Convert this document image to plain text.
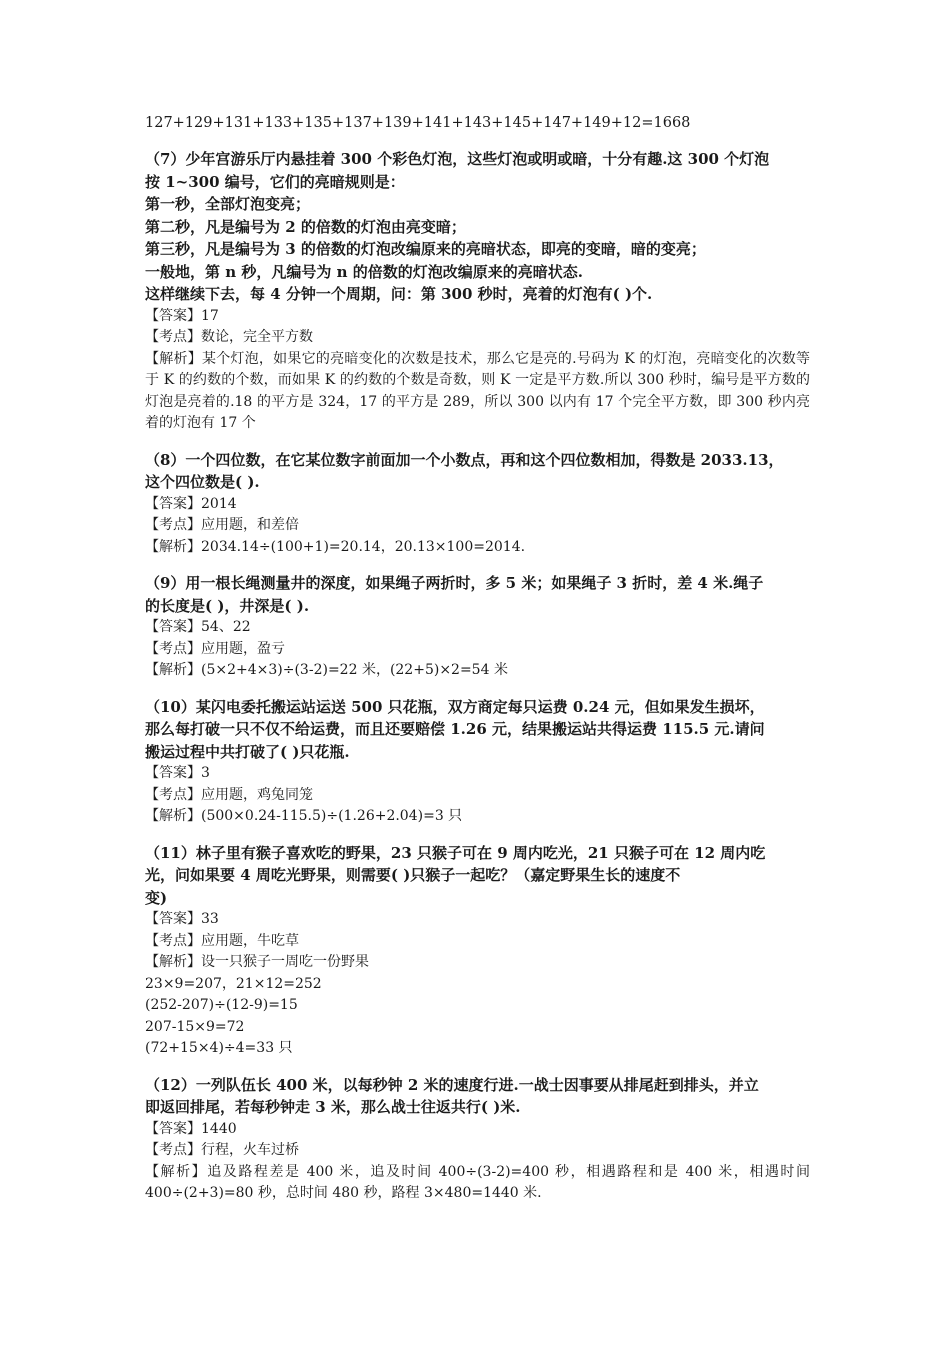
127+129+131+133+135+137+139+141+143+145+147+149+12=1668
（7）少年宫游乐厅内悬挂着 300 个彩色灯泡，这些灯泡或明或暗，十分有趣.这 300 个灯泡
按 1~300 编号，它们的亮暗规则是：
第一秒，全部灯泡变亮；
第二秒，凡是编号为 2 的倍数的灯泡由亮变暗；
第三秒，凡是编号为 3 的倍数的灯泡改编原来的亮暗状态，即亮的变暗，暗的变亮；
一般地，第 n 秒，凡编号为 n 的倍数的灯泡改编原来的亮暗状态.
这样继续下去，每 4 分钟一个周期，问：第 300 秒时，亮着的灯泡有( )个.
【答案】17
【考点】数论，完全平方数
【解析】某个灯泡，如果它的亮暗变化的次数是技术，那么它是亮的.号码为 K 的灯泡，亮暗变化的次数等于 K 的约数的个数，而如果 K 的约数的个数是奇数，则 K 一定是平方数.所以 300 秒时，编号是平方数的灯泡是亮着的.18 的平方是 324，17 的平方是 289，所以 300 以内有 17 个完全平方数，即 300 秒内亮着的灯泡有 17 个
（8）一个四位数，在它某位数字前面加一个小数点，再和这个四位数相加，得数是 2033.13，
这个四位数是( ).
【答案】2014
【考点】应用题，和差倍
【解析】2034.14÷(100+1)=20.14，20.13×100=2014.
（9）用一根长绳测量井的深度，如果绳子两折时，多 5 米；如果绳子 3 折时，差 4 米.绳子
的长度是( )，井深是( ).
【答案】54、22
【考点】应用题，盈亏
【解析】(5×2+4×3)÷(3-2)=22 米，(22+5)×2=54 米
（10）某闪电委托搬运站运送 500 只花瓶，双方商定每只运费 0.24 元，但如果发生损坏，
那么每打破一只不仅不给运费，而且还要赔偿 1.26 元，结果搬运站共得运费 115.5 元.请问
搬运过程中共打破了( )只花瓶.
【答案】3
【考点】应用题，鸡兔同笼
【解析】(500×0.24-115.5)÷(1.26+2.04)=3 只
（11）林子里有猴子喜欢吃的野果，23 只猴子可在 9 周内吃光，21 只猴子可在 12 周内吃
光，问如果要 4 周吃光野果，则需要( )只猴子一起吃？（嘉定野果生长的速度不
变)
【答案】33
【考点】应用题，牛吃草
【解析】设一只猴子一周吃一份野果
23×9=207，21×12=252
(252-207)÷(12-9)=15
207-15×9=72
(72+15×4)÷4=33 只
（12）一列队伍长 400 米，以每秒钟 2 米的速度行进.一战士因事要从排尾赶到排头，并立
即返回排尾，若每秒钟走 3 米，那么战士往返共行( )米.
【答案】1440
【考点】行程，火车过桥
【解析】追及路程差是 400 米，追及时间 400÷(3-2)=400 秒，相遇路程和是 400 米，相遇时间 400÷(2+3)=80 秒，总时间 480 秒，路程 3×480=1440 米.
